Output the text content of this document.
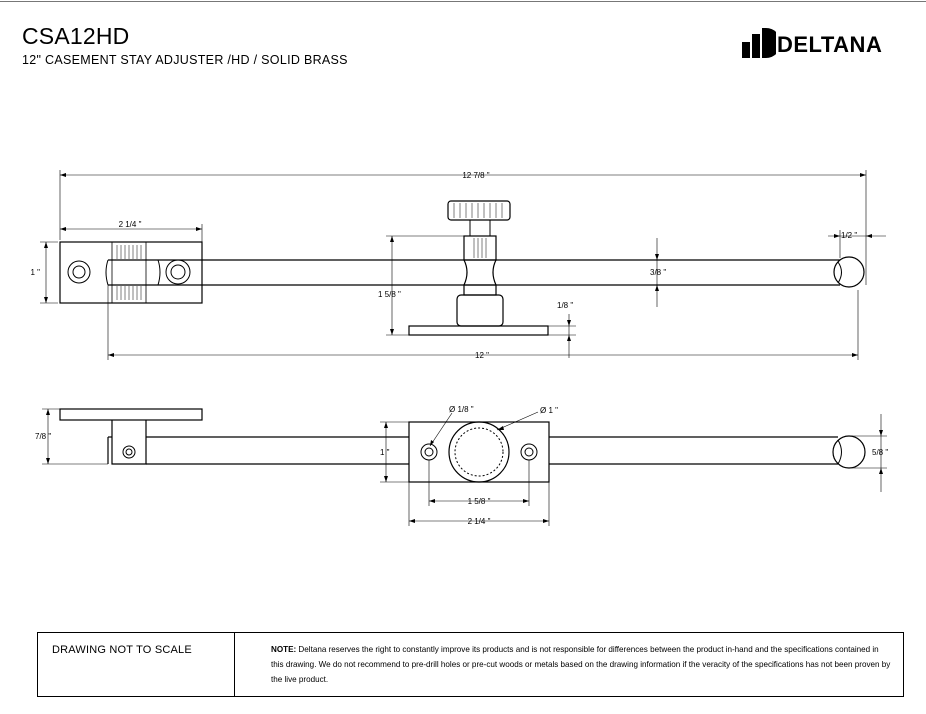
CSA12HD
12" CASEMENT STAY ADJUSTER /HD / SOLID BRASS
DELTANA
12 7/8 "
2 1/4 "
1 "
1 5/8 "
3/8 "
1/2 "
1/8 "
12 "
7/8 "
Ø 1/8 "	Ø 1 "
1 "	5/8 "
1 5/8 "
2 1/4 "
DRAWING NOT TO SCALE	NOTE: Deltana reserves the right to constantly improve its products and is not responsible for differences between the product in-hand and the specifications contained in this drawing. We do not recommend to pre-drill holes or pre-cut woods or metals based on the drawing information if the veracity of the specifications has not been proven by the live product.
